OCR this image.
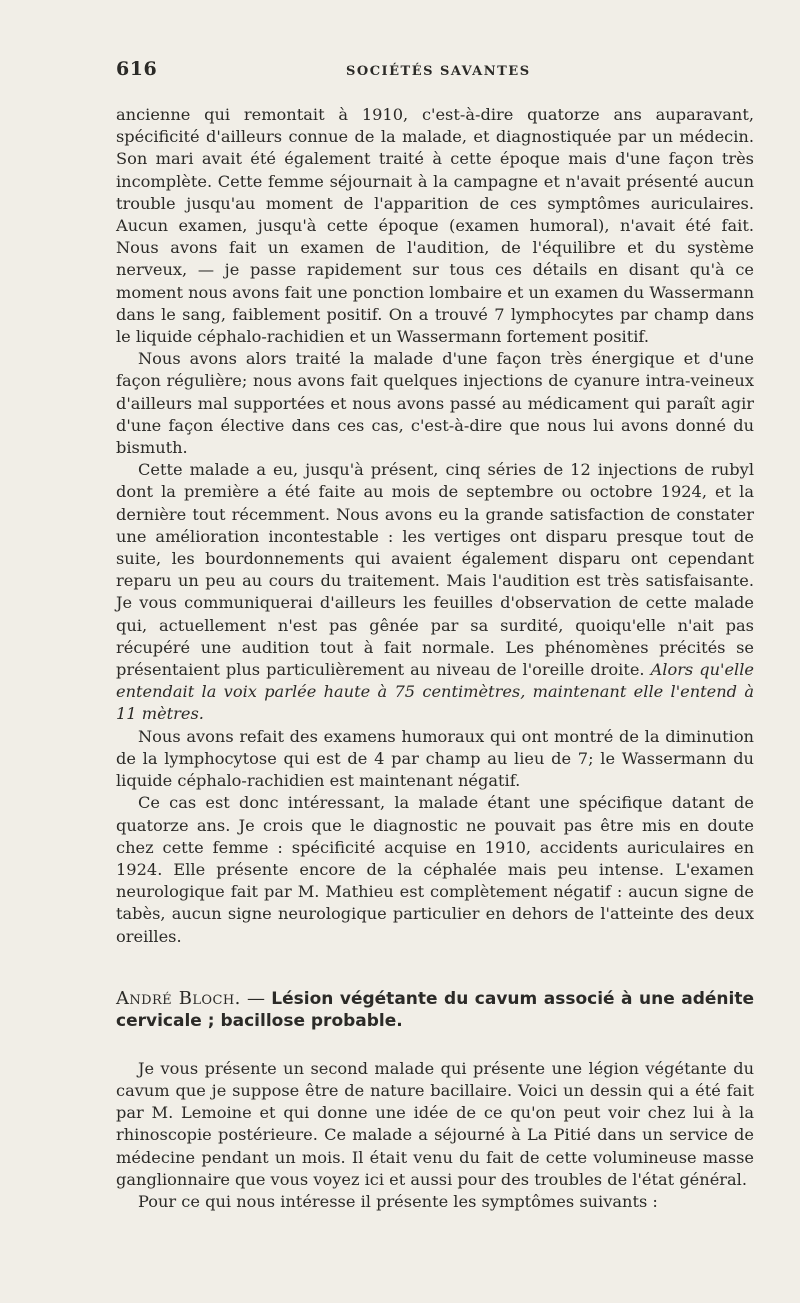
616	SOCIÉTÉS SAVANTES

ancienne qui remontait à 1910, c'est-à-dire quatorze ans auparavant, spécificité d'ailleurs connue de la malade, et diagnostiquée par un médecin. Son mari avait été également traité à cette époque mais d'une façon très incomplète. Cette femme séjournait à la campagne et n'avait présenté aucun trouble jusqu'au moment de l'apparition de ces symptômes auriculaires. Aucun examen, jusqu'à cette époque (examen humoral), n'avait été fait. Nous avons fait un examen de l'audition, de l'équilibre et du système nerveux, — je passe rapidement sur tous ces détails en disant qu'à ce moment nous avons fait une ponction lombaire et un examen du Wassermann dans le sang, faiblement positif. On a trouvé 7 lymphocytes par champ dans le liquide céphalo-rachidien et un Wassermann fortement positif.

Nous avons alors traité la malade d'une façon très énergique et d'une façon régulière; nous avons fait quelques injections de cyanure intra-veineux d'ailleurs mal supportées et nous avons passé au médicament qui paraît agir d'une façon élective dans ces cas, c'est-à-dire que nous lui avons donné du bismuth.

Cette malade a eu, jusqu'à présent, cinq séries de 12 injections de rubyl dont la première a été faite au mois de septembre ou octobre 1924, et la dernière tout récemment. Nous avons eu la grande satisfaction de constater une amélioration incontestable : les vertiges ont disparu presque tout de suite, les bourdonnements qui avaient également disparu ont cependant reparu un peu au cours du traitement. Mais l'audition est très satisfaisante. Je vous communiquerai d'ailleurs les feuilles d'observation de cette malade qui, actuellement n'est pas gênée par sa surdité, quoiqu'elle n'ait pas récupéré une audition tout à fait normale. Les phénomènes précités se présentaient plus particulièrement au niveau de l'oreille droite. Alors qu'elle entendait la voix parlée haute à 75 centimètres, maintenant elle l'entend à 11 mètres.

Nous avons refait des examens humoraux qui ont montré de la diminution de la lymphocytose qui est de 4 par champ au lieu de 7; le Wassermann du liquide céphalo-rachidien est maintenant négatif.

Ce cas est donc intéressant, la malade étant une spécifique datant de quatorze ans. Je crois que le diagnostic ne pouvait pas être mis en doute chez cette femme : spécificité acquise en 1910, accidents auriculaires en 1924. Elle présente encore de la céphalée mais peu intense. L'examen neurologique fait par M. Mathieu est complètement négatif : aucun signe de tabès, aucun signe neurologique particulier en dehors de l'atteinte des deux oreilles.

André Bloch. — Lésion végétante du cavum associé à une adénite cervicale ; bacillose probable.

Je vous présente un second malade qui présente une légion végétante du cavum que je suppose être de nature bacillaire. Voici un dessin qui a été fait par M. Lemoine et qui donne une idée de ce qu'on peut voir chez lui à la rhinoscopie postérieure. Ce malade a séjourné à La Pitié dans un service de médecine pendant un mois. Il était venu du fait de cette volumineuse masse ganglionnaire que vous voyez ici et aussi pour des troubles de l'état général.

Pour ce qui nous intéresse il présente les symptômes suivants :
